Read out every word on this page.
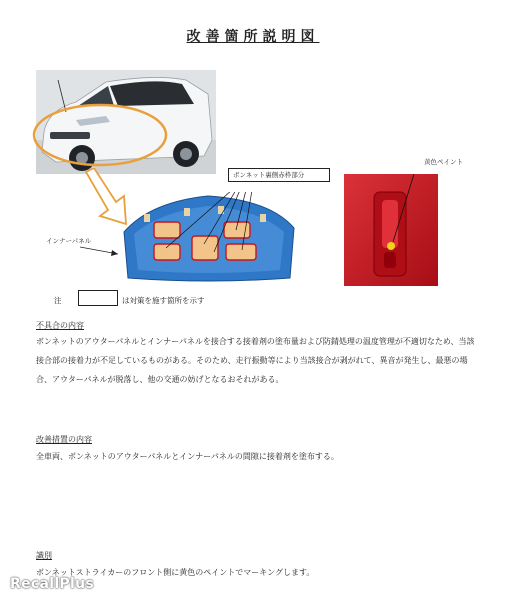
改善箇所説明図
インナーパネル
ボンネット裏側赤枠部分
黄色ペイント
注	は対策を施す箇所を示す
不具合の内容
ボンネットのアウターパネルとインナーパネルを接合する接着剤の塗布量および防錆処理の温度管理が不適切なため、当該接合部の接着力が不足しているものがある。そのため、走行振動等により当該接合が剥がれて、異音が発生し、最悪の場合、アウターパネルが脱落し、他の交通の妨げとなるおそれがある。
改善措置の内容
全車両、ボンネットのアウターパネルとインナーパネルの間隙に接着剤を塗布する。
識別
ボンネットストライカーのフロント側に黄色のペイントでマーキングします。
RecallPlus
